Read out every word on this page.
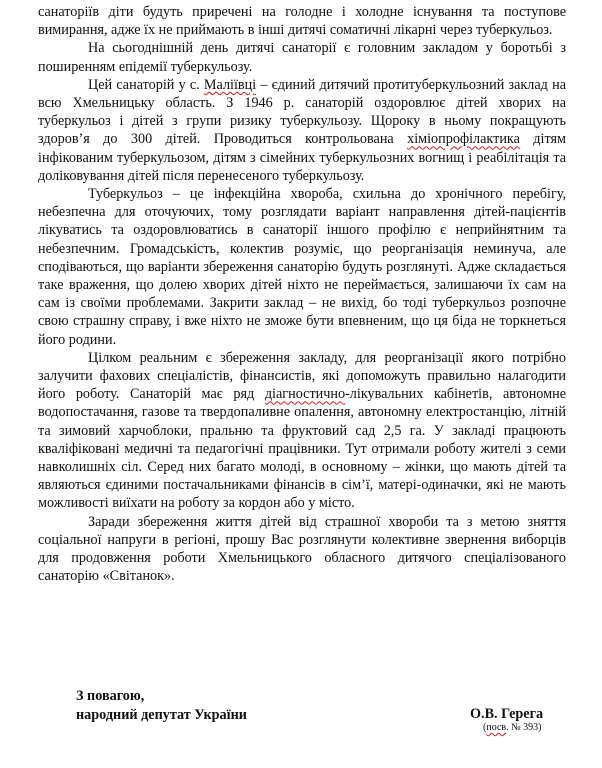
санаторіїв діти будуть приречені на голодне і холодне існування та поступове вимирання, адже їх не приймають в інші дитячі соматичні лікарні через туберкульоз.

На сьогоднішній день дитячі санаторії є головним закладом у боротьбі з поширенням епідемії туберкульозу.

Цей санаторій у с. Маліївці – єдиний дитячий протитуберкульозний заклад на всю Хмельницьку область. З 1946 р. санаторій оздоровлює дітей хворих на туберкульоз і дітей з групи ризику туберкульозу. Щороку в ньому покращують здоров’я до 300 дітей. Проводиться контрольована хіміопрофілактика дітям інфікованим туберкульозом, дітям з сімейних туберкульозних вогнищ і реабілітація та доліковування дітей після перенесеного туберкульозу.

Туберкульоз – це інфекційна хвороба, схильна до хронічного перебігу, небезпечна для оточуючих, тому розглядати варіант направлення дітей-пацієнтів лікуватись та оздоровлюватись в санаторії іншого профілю є неприйнятним та небезпечним. Громадськість, колектив розуміє, що реорганізація неминуча, але сподіваються, що варіанти збереження санаторію будуть розглянуті. Адже складається таке враження, що долею хворих дітей ніхто не переймається, залишаючи їх сам на сам із своїми проблемами. Закрити заклад – не вихід, бо тоді туберкульоз розпочне свою страшну справу, і вже ніхто не зможе бути впевненим, що ця біда не торкнеться його родини.

Цілком реальним є збереження закладу, для реорганізації якого потрібно залучити фахових спеціалістів, фінансистів, які допоможуть правильно налагодити його роботу. Санаторій має ряд діагностично-лікувальних кабінетів, автономне водопостачання, газове та твердопаливне опалення, автономну електростанцію, літній та зимовий харчоблоки, пральню та фруктовий сад 2,5 га. У закладі працюють кваліфіковані медичні та педагогічні працівники. Тут отримали роботу жителі з семи навколишніх сіл. Серед них багато молоді, в основному – жінки, що мають дітей та являються єдиними постачальниками фінансів в сім’ї, матері-одиначки, які не мають можливості виїхати на роботу за кордон або у місто.

Заради збереження життя дітей від страшної хвороби та з метою зняття соціальної напруги в регіоні, прошу Вас розглянути колективне звернення виборців для продовження роботи Хмельницького обласного дитячого спеціалізованого санаторію «Світанок».

З повагою,
народний депутат України	О.В. Герега
(посв. № 393)
